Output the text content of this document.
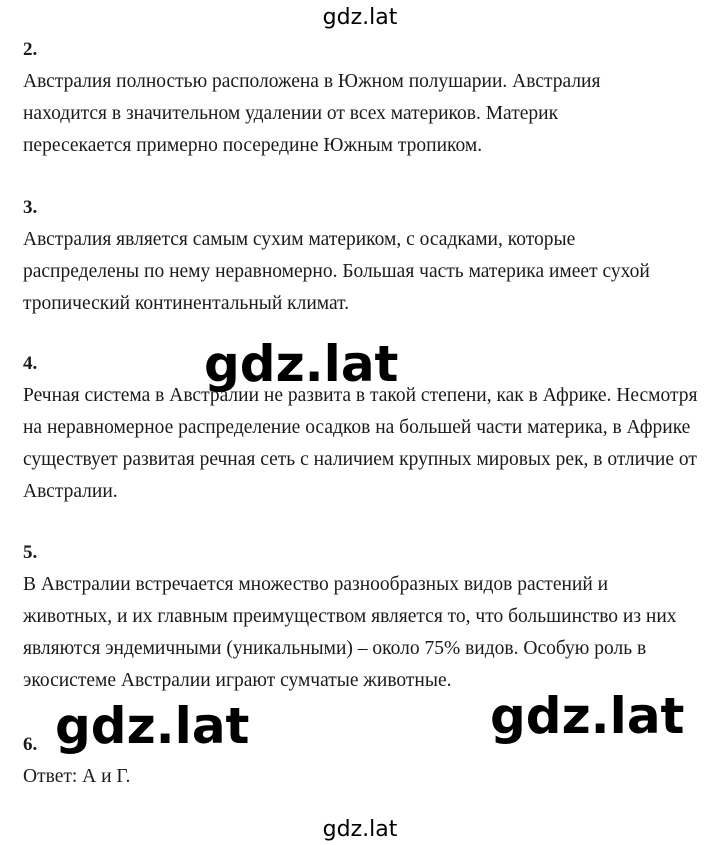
gdz.lat
2.

Австралия полностью расположена в Южном полушарии. Австралия находится в значительном удалении от всех материков. Материк пересекается примерно посередине Южным тропиком.

3.

Австралия является самым сухим материком, с осадками, которые распределены по нему неравномерно. Большая часть материка имеет сухой тропический континентальный климат.

4.

Речная система в Австралии не развита в такой степени, как в Африке. Несмотря на неравномерное распределение осадков на большей части материка, в Африке существует развитая речная сеть с наличием крупных мировых рек, в отличие от Австралии.

5.

В Австралии встречается множество разнообразных видов растений и животных, и их главным преимуществом является то, что большинство из них являются эндемичными (уникальными) – около 75% видов. Особую роль в экосистеме Австралии играют сумчатые животные.

6.

Ответ: А и Г.

gdz.lat
gdz.lat	gdz.lat
gdz.lat
